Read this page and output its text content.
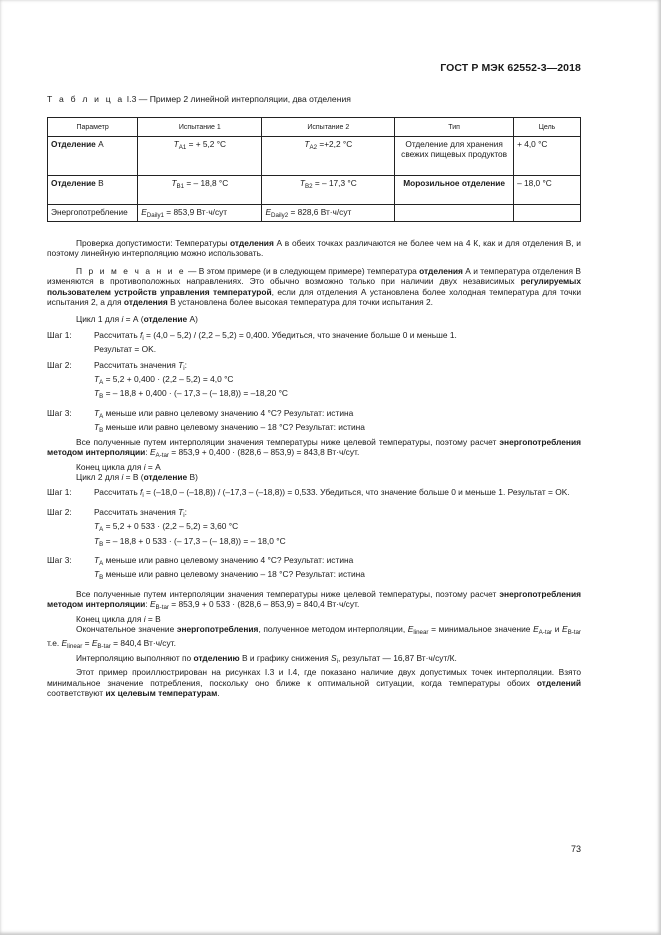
ГОСТ Р МЭК 62552-3—2018
Т а б л и ц а I.3 — Пример 2 линейной интерполяции, два отделения
Параметр	Испытание 1	Испытание 2	Тип	Цель
Отделение A	$T_{A1}$ = + 5,2 °С	$T_{A2} =+2,2$ °С	Отделение для хранения свежих пищевых продуктов	+ 4,0 °С
Отделение В	$T_{B1}$ = – 18,8 °С	$T_{B2}$ = – 17,3 °С	Морозильное отделение	– 18,0 °С
Энергопотребление	$E_{Daily1} = 853,9$ Вт·ч/сут	$E_{Daily2} = 828,6$ Вт·ч/сут		

Проверка допустимости: Температуры отделения А в обеих точках различаются не более чем на 4 К, как и для отделения В, и поэтому линейную интерполяцию можно использовать.

П р и м е ч а н и е — В этом примере (и в следующем примере) температура отделения А и температура отделения В изменяются в противоположных направлениях. Это обычно возможно только при наличии двух независимых регулируемых пользователем устройств управления температурой, если для отделения А установлена более холодная температура для точки испытания 2, а для отделения В установлена более высокая температура для точки испытания 2.

Цикл 1 для i = А (отделение А)

Шаг 1:	Рассчитать $f_i = (4,0 - 5,2) / (2,2 - 5,2) = 0,400$. Убедиться, что значение больше 0 и меньше 1.
Результат = OK.
Шаг 2:	Рассчитать значения $T_i$:
$T_A = 5,2 + 0,400 \cdot (2,2 - 5,2) = 4,0$ °С
$T_B$ = – 18,8 + 0,400 · (– 17,3 – (– 18,8)) = –18,20 °С
Шаг 3:	$T_A$ меньше или равно целевому значению 4 °С? Результат: истина
$T_B$ меньше или равно целевому значению – 18 °С? Результат: истина

Все полученные путем интерполяции значения температуры ниже целевой температуры, поэтому расчет энергопотребления методом интерполяции: $E_{A-tar} = 853,9 + 0,400 \cdot (828,6 - 853,9) = 843,8$ Вт·ч/сут.

Конец цикла для i = А

Цикл 2 для i = В (отделение В)

Шаг 1:	Рассчитать $f_i = (-18,0 - (-18,8)) / (-17,3 - (-18,8)) = 0,533$. Убедиться, что значение больше 0 и меньше 1. Результат = OK.
Шаг 2:	Рассчитать значения $T_i$:
$T_A = 5,2 + 0$ 533 · (2,2 – 5,2) = 3,60 °С
$T_B$ = – 18,8 + 0 533 · (– 17,3 – (– 18,8)) = – 18,0 °С
Шаг 3:	$T_A$ меньше или равно целевому значению 4 °С? Результат: истина
$T_B$ меньше или равно целевому значению – 18 °С? Результат: истина

Все полученные путем интерполяции значения температуры ниже целевой температуры, поэтому расчет энергопотребления методом интерполяции: $E_{B-tar} = 853,9 + 0$ 533 · (828,6 – 853,9) = 840,4 Вт·ч/сут.

Конец цикла для i = В

Окончательное значение энергопотребления, полученное методом интерполяции, $E_{linear}$ = минимальное значение $E_{A-tar}$ и $E_{B-tar}$ т.е. $E_{linear} = E_{B-tar} = 840,4$ Вт·ч/сут.

Интерполяцию выполняют по отделению В и графику снижения $S_i$, результат — 16,87 Вт·ч/сут/К.

Этот пример проиллюстрирован на рисунках I.3 и I.4, где показано наличие двух допустимых точек интерполяции. Взято минимальное значение потребления, поскольку оно ближе к оптимальной ситуации, когда температуры обоих отделений соответствуют их целевым температурам.

73
